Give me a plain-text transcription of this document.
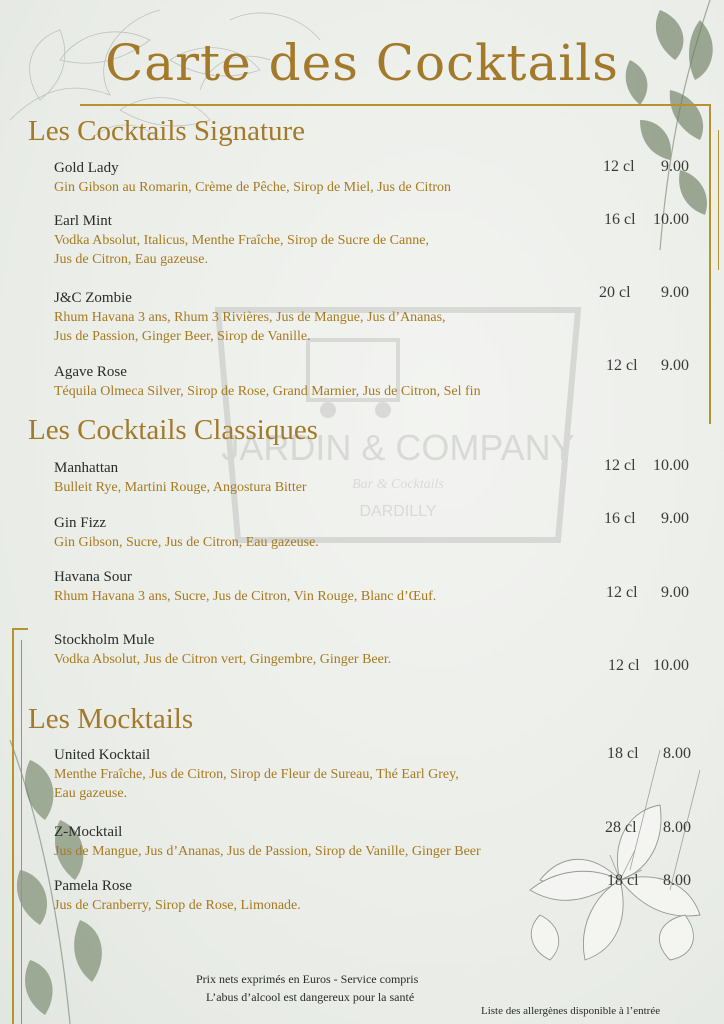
JARDIN & COMPANY
Bar & Cocktails
DARDILLY
Carte des Cocktails
Les Cocktails Signature
Gold Lady
Gin Gibson au Romarin, Crème de Pêche, Sirop de Miel, Jus de Citron
12 cl 9.00
Earl Mint
Vodka Absolut, Italicus, Menthe Fraîche, Sirop de Sucre de Canne,
Jus de Citron, Eau gazeuse.
16 cl 10.00
J&C Zombie
Rhum Havana 3 ans, Rhum 3 Rivières, Jus de Mangue, Jus d’Ananas,
Jus de Passion, Ginger Beer, Sirop de Vanille.
20 cl 9.00
Agave Rose
Téquila Olmeca Silver, Sirop de Rose, Grand Marnier, Jus de Citron, Sel fin
12 cl 9.00
Les Cocktails Classiques
Manhattan
Bulleit Rye, Martini Rouge, Angostura Bitter
12 cl 10.00
Gin Fizz
Gin Gibson, Sucre, Jus de Citron, Eau gazeuse.
16 cl 9.00
Havana Sour
Rhum Havana 3 ans, Sucre, Jus de Citron, Vin Rouge, Blanc d’Œuf.	12 cl 9.00
Stockholm Mule
Vodka Absolut, Jus de Citron vert, Gingembre, Ginger Beer.	12 cl 10.00
Les Mocktails
United Kocktail
Menthe Fraîche, Jus de Citron, Sirop de Fleur de Sureau, Thé Earl Grey,
Eau gazeuse.
18 cl 8.00
Z-Mocktail
Jus de Mangue, Jus d’Ananas, Jus de Passion, Sirop de Vanille, Ginger Beer
28 cl 8.00
Pamela Rose
Jus de Cranberry, Sirop de Rose, Limonade.
18 cl 8.00
Prix nets exprimés en Euros - Service compris
L’abus d’alcool est dangereux pour la santé
Liste des allergènes disponible à l’entrée
